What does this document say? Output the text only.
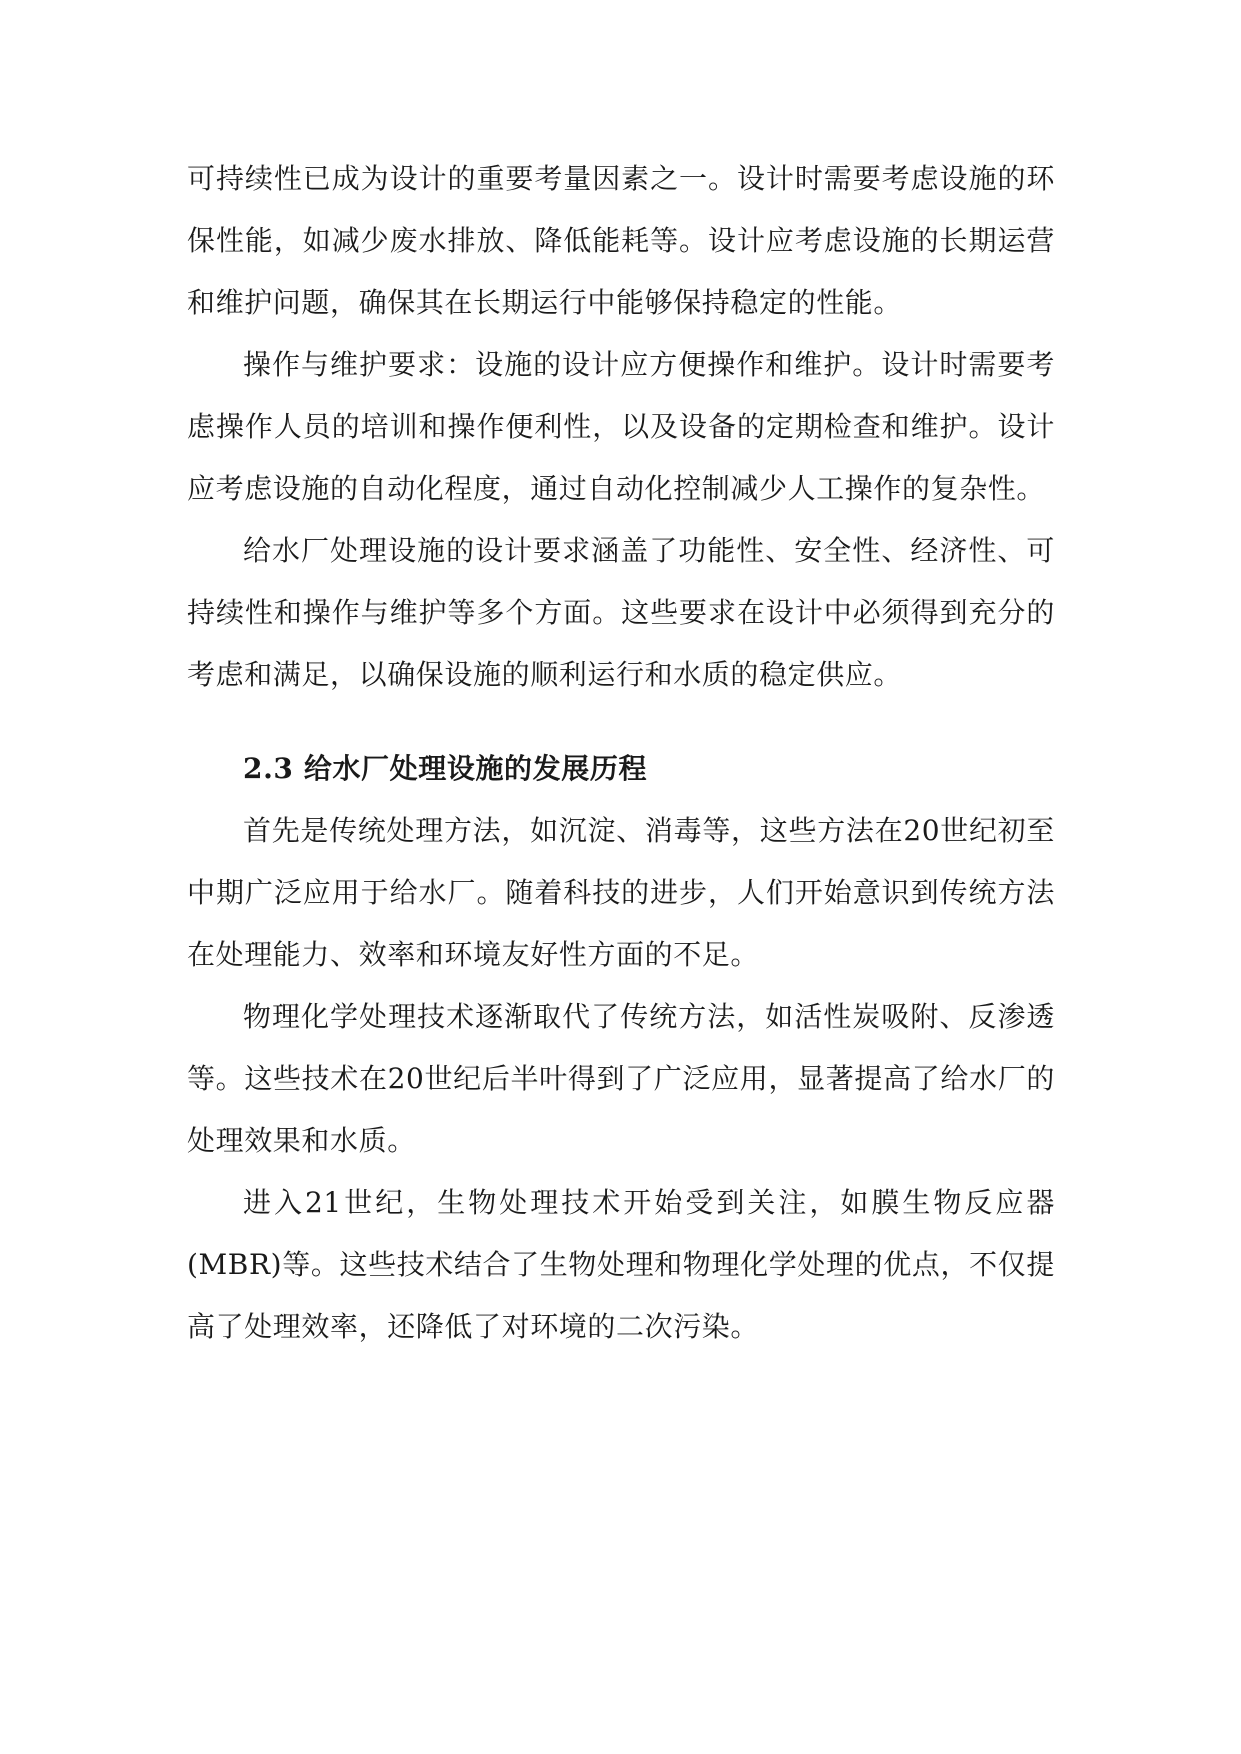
可持续性已成为设计的重要考量因素之一。设计时需要考虑设施的环保性能，如减少废水排放、降低能耗等。设计应考虑设施的长期运营和维护问题，确保其在长期运行中能够保持稳定的性能。

操作与维护要求：设施的设计应方便操作和维护。设计时需要考虑操作人员的培训和操作便利性，以及设备的定期检查和维护。设计应考虑设施的自动化程度，通过自动化控制减少人工操作的复杂性。

给水厂处理设施的设计要求涵盖了功能性、安全性、经济性、可持续性和操作与维护等多个方面。这些要求在设计中必须得到充分的考虑和满足，以确保设施的顺利运行和水质的稳定供应。

2.3 给水厂处理设施的发展历程

首先是传统处理方法，如沉淀、消毒等，这些方法在20世纪初至中期广泛应用于给水厂。随着科技的进步，人们开始意识到传统方法在处理能力、效率和环境友好性方面的不足。

物理化学处理技术逐渐取代了传统方法，如活性炭吸附、反渗透等。这些技术在20世纪后半叶得到了广泛应用，显著提高了给水厂的处理效果和水质。

进入21世纪，生物处理技术开始受到关注，如膜生物反应器(MBR)等。这些技术结合了生物处理和物理化学处理的优点，不仅提高了处理效率，还降低了对环境的二次污染。
